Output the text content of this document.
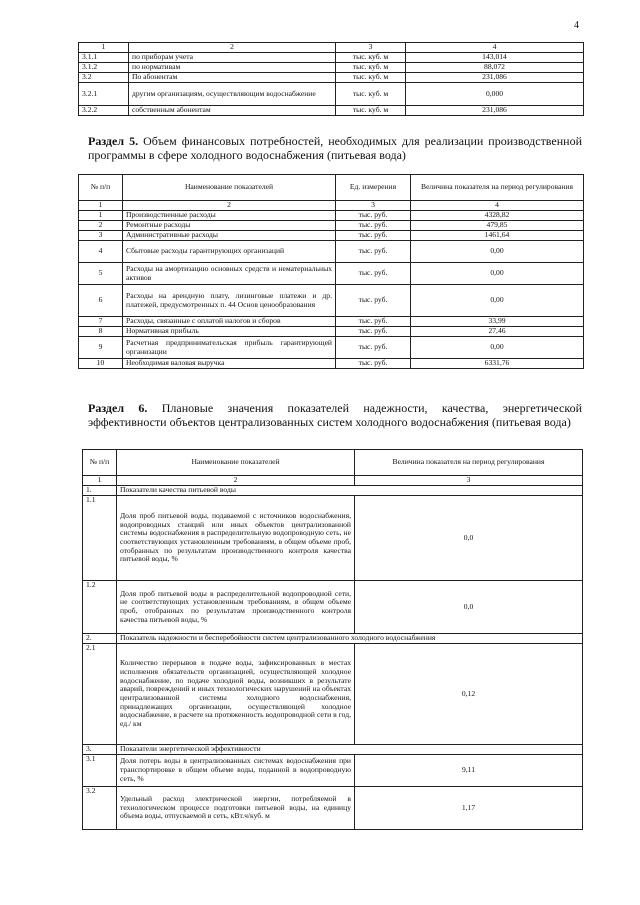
4
1	2	3	4
3.1.1	по приборам учета	тыс. куб. м	143,014
3.1.2	по нормативам	тыс. куб. м	88,072
3.2	По абонентам	тыс. куб. м	231,086
3.2.1	другим организациям, осуществляющим водоснабжение	тыс. куб. м	0,000
3.2.2	собственным абонентам	тыс. куб. м	231,086
Раздел 5. Объем финансовых потребностей, необходимых для реализации производственной программы в сфере холодного водоснабжения (питьевая вода)
№ п/п	Наименование показателей	Ед. измерения	Величина показателя на период регулирования
1	2	3	4
1	Производственные расходы	тыс. руб.	4328,82
2	Ремонтные расходы	тыс. руб.	479,85
3	Административные расходы	тыс. руб.	1461,64
4	Сбытовые расходы гарантирующих организаций	тыс. руб.	0,00
5	Расходы на амортизацию основных средств и нематериальных активов	тыс. руб.	0,00
6	Расходы на арендную плату, лизинговые платежи и др. платежей, предусмотренных п. 44 Основ ценообразования	тыс. руб.	0,00
7	Расходы, связанные с оплатой налогов и сборов	тыс. руб.	33,99
8	Нормативная прибыль	тыс. руб.	27,46
9	Расчетная предпринимательская прибыль гарантирующей организации	тыс. руб.	0,00
10	Необходимая валовая выручка	тыс. руб.	6331,76
Раздел 6. Плановые значения показателей надежности, качества, энергетической эффективности объектов централизованных систем холодного водоснабжения (питьевая вода)
№ п/п	Наименование показателей	Величина показателя на период регулирования
1	2	3
1.	Показатели качества питьевой воды	
1.1	Доля проб питьевой воды, подаваемой с источников водоснабжения, водопроводных станций или иных объектов централизованной системы водоснабжения в распределительную водопроводную сеть, не соответствующих установленным требованиям, в общем объеме проб, отобранных по результатам производственного контроля качества питьевой воды, %	0,0
1.2	Доля проб питьевой воды в распределительной водопроводной сети, не соответствующих установленным требованиям, в общем объеме проб, отобранных по результатам производственного контроля качества питьевой воды, %	0,0
2.	Показатель надежности и бесперебойности систем централизованного холодного водоснабжения	
2.1	Количество перерывов в подаче воды, зафиксированных в местах исполнения обязательств организацией, осуществляющей холодное водоснабжение, по подаче холодной воды, возникших в результате аварий, повреждений и иных технологических нарушений на объектах централизованной системы холодного водоснабжения, принадлежащих организации, осуществляющей холодное водоснабжение, в расчете на протяженность водопроводной сети в год, ед./ км	0,12
3.	Показатели энергетической эффективности	
3.1	Доля потерь воды в централизованных системах водоснабжения при транспортировке в общем объеме воды, поданной в водопроводную сеть, %	9,11
3.2	Удельный расход электрической энергии, потребляемой в технологическом процессе подготовки питьевой воды, на единицу объема воды, отпускаемой в сеть, кВт.ч/куб. м	1,17
